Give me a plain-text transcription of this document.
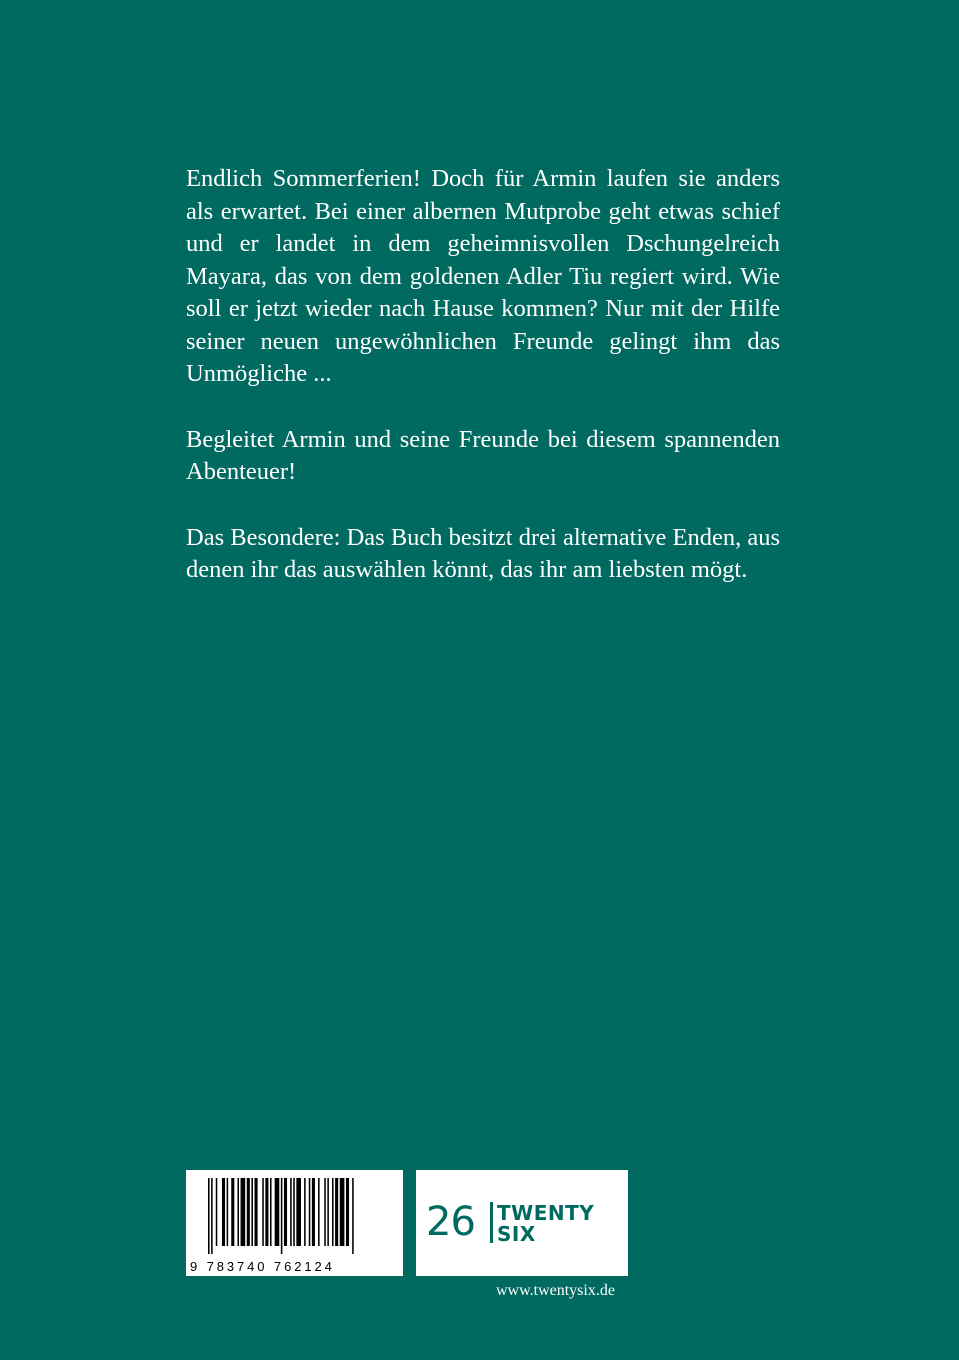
Endlich Sommerferien! Doch für Armin laufen sie anders als erwartet. Bei einer albernen Mutprobe geht etwas schief und er landet in dem geheimnisvollen Dschungelreich Mayara, das von dem goldenen Adler Tiu regiert wird. Wie soll er jetzt wieder nach Hause kommen? Nur mit der Hilfe seiner neuen ungewöhnlichen Freunde gelingt ihm das Unmögliche ...

Begleitet Armin und seine Freunde bei diesem spannenden Abenteuer!

Das Besondere: Das Buch besitzt drei alternative Enden, aus denen ihr das auswählen könnt, das ihr am liebsten mögt.

9 783740 762124
26 TWENTY
SIX
www.twentysix.de
